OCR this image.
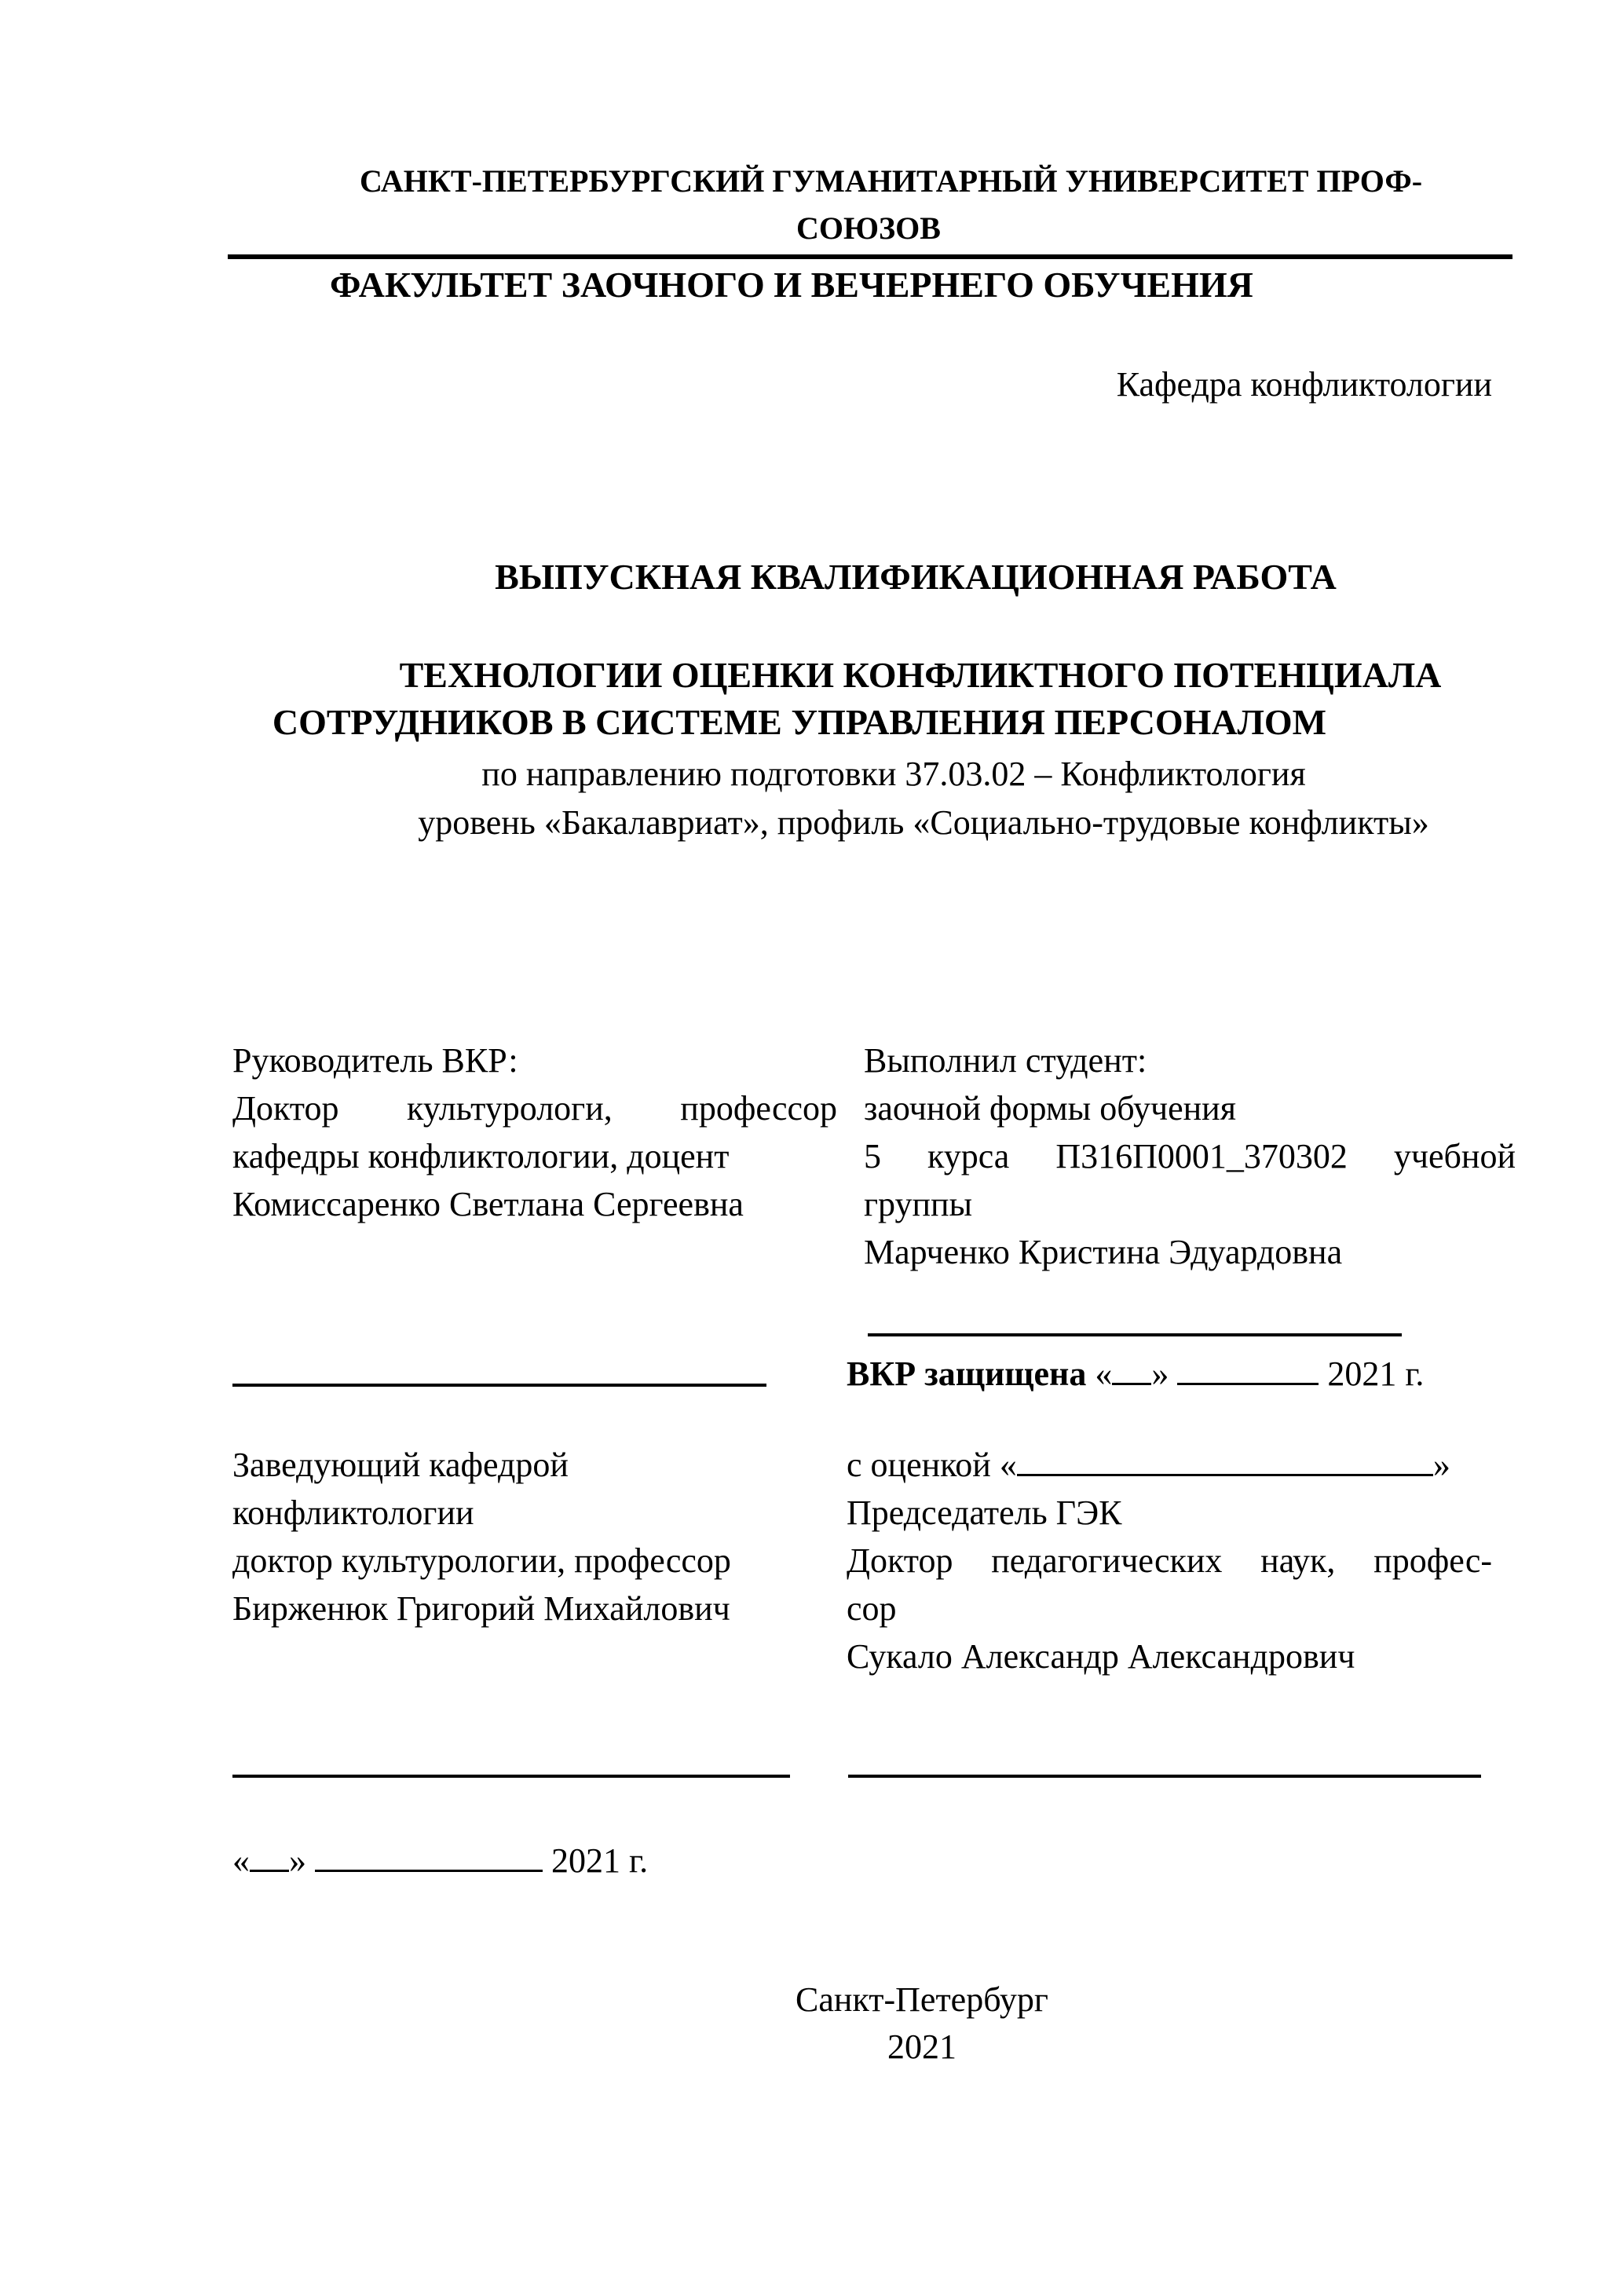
САНКТ-ПЕТЕРБУРГСКИЙ ГУМАНИТАРНЫЙ УНИВЕРСИТЕТ ПРОФ-
СОЮЗОВ
ФАКУЛЬТЕТ ЗАОЧНОГО И ВЕЧЕРНЕГО ОБУЧЕНИЯ
Кафедра конфликтологии
ВЫПУСКНАЯ КВАЛИФИКАЦИОННАЯ РАБОТА
ТЕХНОЛОГИИ ОЦЕНКИ КОНФЛИКТНОГО ПОТЕНЦИАЛА
СОТРУДНИКОВ В СИСТЕМЕ УПРАВЛЕНИЯ ПЕРСОНАЛОМ
по направлению подготовки 37.03.02 – Конфликтология
уровень «Бакалавриат», профиль «Социально-трудовые конфликты»
Руководитель ВКР:
Доктор культурологи, профессор
кафедры конфликтологии, доцент
Комиссаренко Светлана Сергеевна
Выполнил студент:
заочной формы обучения
5 курса П316П0001_370302 учебной
группы
Марченко Кристина Эдуардовна
ВКР защищена « »	2021 г.
Заведующий кафедрой
конфликтологии
доктор культурологии, профессор
Бирженюк Григорий Михайлович
с оценкой «	»
Председатель ГЭК
Доктор педагогических наук, профес-
сор
Сукало Александр Александрович
« »	2021 г.
Санкт-Петербург
2021
